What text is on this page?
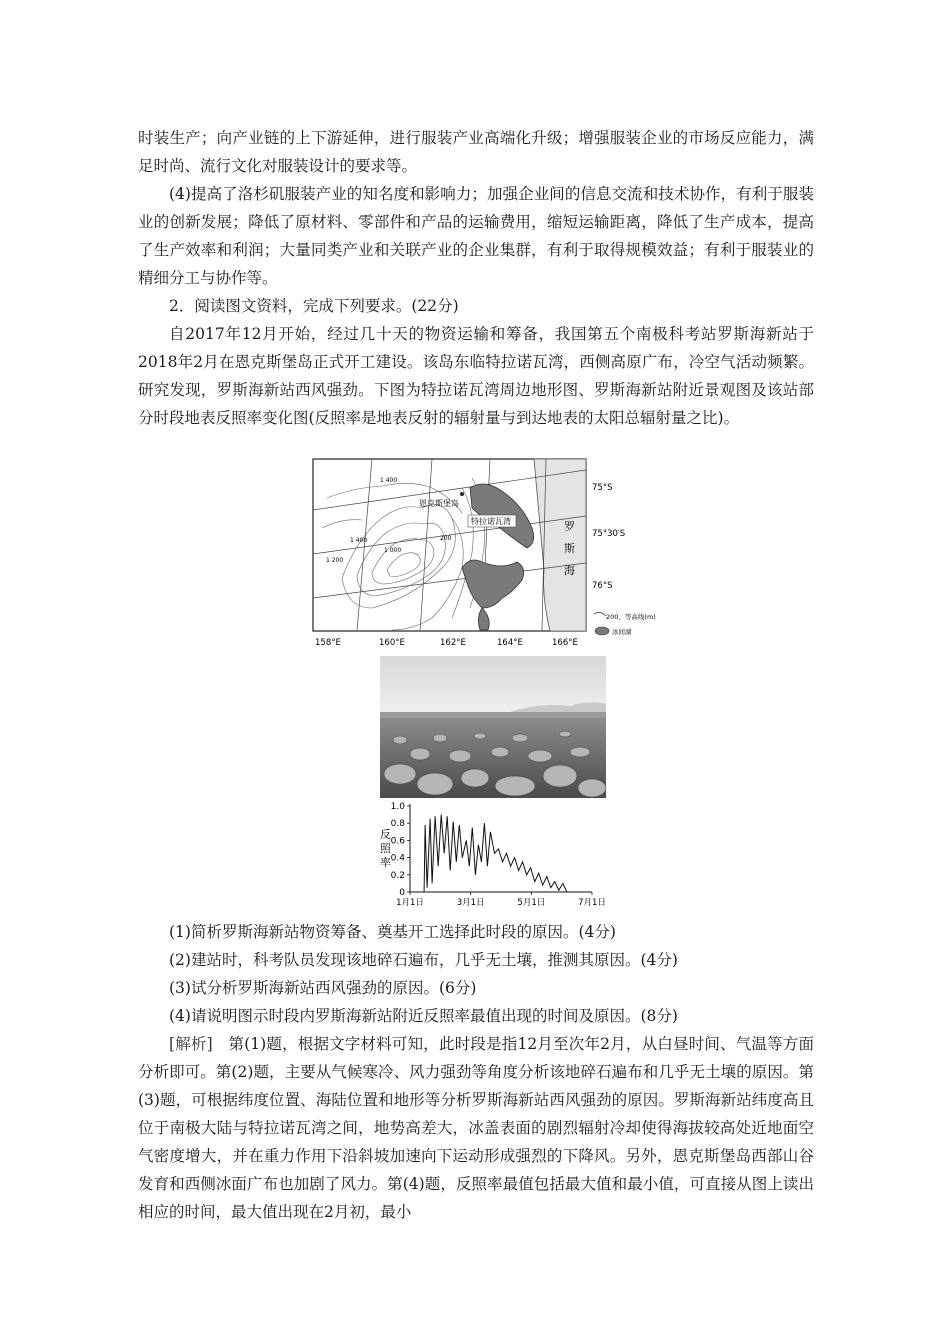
时装生产；向产业链的上下游延伸，进行服装产业高端化升级；增强服装企业的市场反应能力，满足时尚、流行文化对服装设计的要求等。

(4)提高了洛杉矶服装产业的知名度和影响力；加强企业间的信息交流和技术协作，有利于服装业的创新发展；降低了原材料、零部件和产品的运输费用，缩短运输距离，降低了生产成本，提高了生产效率和利润；大量同类产业和关联产业的企业集群，有利于取得规模效益；有利于服装业的精细分工与协作等。

2．阅读图文资料，完成下列要求。(22分)

自2017年12月开始，经过几十天的物资运输和筹备，我国第五个南极科考站罗斯海新站于2018年2月在恩克斯堡岛正式开工建设。该岛东临特拉诺瓦湾，西侧高原广布，冷空气活动频繁。研究发现，罗斯海新站西风强劲。下图为特拉诺瓦湾周边地形图、罗斯海新站附近景观图及该站部分时段地表反照率变化图(反照率是地表反射的辐射量与到达地表的太阳总辐射量之比)。

恩克斯堡岛
特拉诺瓦湾
1 400
1 400
1 000
200
1 200
罗
斯
海
75°S
75°30′S
76°S
158°E	160°E	162°E	164°E	166°E
200、等高线(m)
冰间湖
1.0
0.8
0.6
0.4
0.2
0
1月1日	3月1日	5月1日	7月1日
反
照
率

(1)简析罗斯海新站物资筹备、奠基开工选择此时段的原因。(4分)

(2)建站时，科考队员发现该地碎石遍布，几乎无土壤，推测其原因。(4分)

(3)试分析罗斯海新站西风强劲的原因。(6分)

(4)请说明图示时段内罗斯海新站附近反照率最值出现的时间及原因。(8分)

[解析]　第(1)题，根据文字材料可知，此时段是指12月至次年2月，从白昼时间、气温等方面分析即可。第(2)题，主要从气候寒冷、风力强劲等角度分析该地碎石遍布和几乎无土壤的原因。第(3)题，可根据纬度位置、海陆位置和地形等分析罗斯海新站西风强劲的原因。罗斯海新站纬度高且位于南极大陆与特拉诺瓦湾之间，地势高差大，冰盖表面的剧烈辐射冷却使得海拔较高处近地面空气密度增大，并在重力作用下沿斜坡加速向下运动形成强烈的下降风。另外，恩克斯堡岛西部山谷发育和西侧冰面广布也加剧了风力。第(4)题，反照率最值包括最大值和最小值，可直接从图上读出相应的时间，最大值出现在2月初，最小
